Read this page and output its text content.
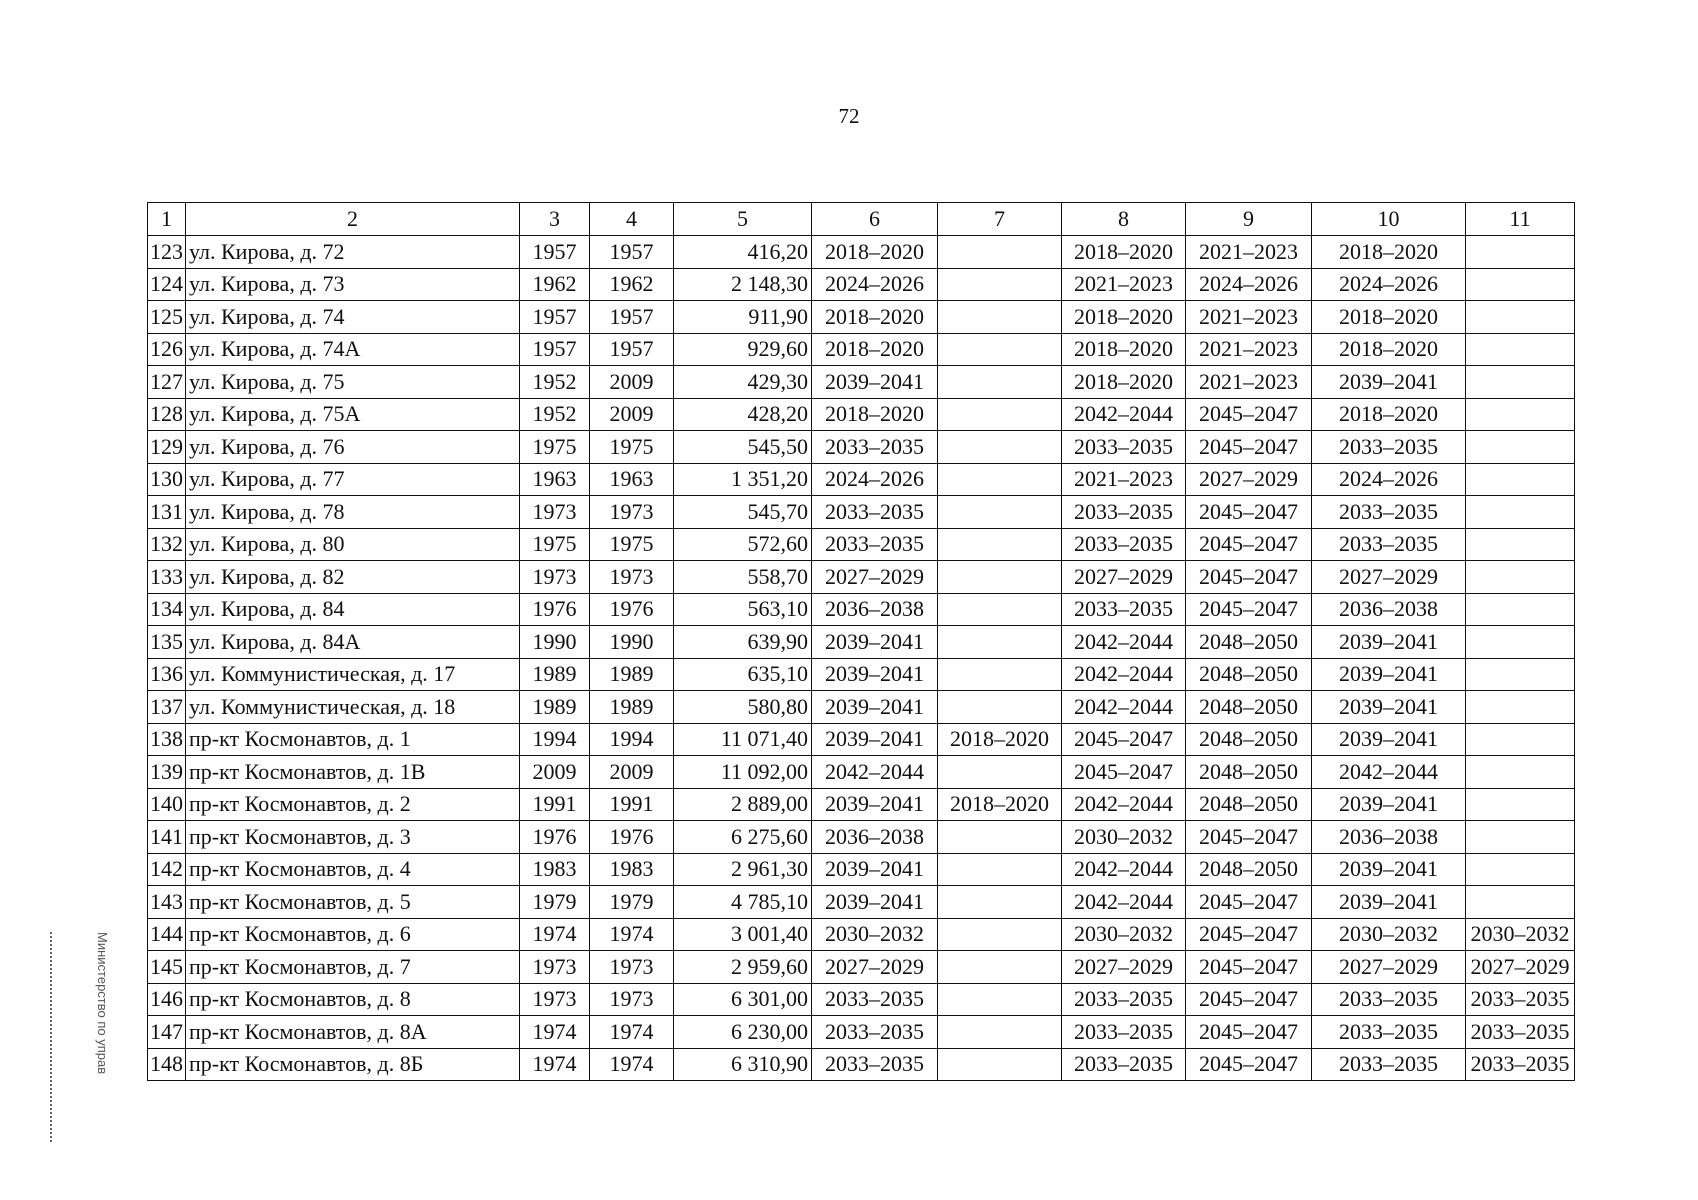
72
1	2	3	4	5	6	7	8	9	10	11
123	ул. Кирова, д. 72	1957	1957	416,20	2018–2020		2018–2020	2021–2023	2018–2020	
124	ул. Кирова, д. 73	1962	1962	2 148,30	2024–2026		2021–2023	2024–2026	2024–2026	
125	ул. Кирова, д. 74	1957	1957	911,90	2018–2020		2018–2020	2021–2023	2018–2020	
126	ул. Кирова, д. 74А	1957	1957	929,60	2018–2020		2018–2020	2021–2023	2018–2020	
127	ул. Кирова, д. 75	1952	2009	429,30	2039–2041		2018–2020	2021–2023	2039–2041	
128	ул. Кирова, д. 75А	1952	2009	428,20	2018–2020		2042–2044	2045–2047	2018–2020	
129	ул. Кирова, д. 76	1975	1975	545,50	2033–2035		2033–2035	2045–2047	2033–2035	
130	ул. Кирова, д. 77	1963	1963	1 351,20	2024–2026		2021–2023	2027–2029	2024–2026	
131	ул. Кирова, д. 78	1973	1973	545,70	2033–2035		2033–2035	2045–2047	2033–2035	
132	ул. Кирова, д. 80	1975	1975	572,60	2033–2035		2033–2035	2045–2047	2033–2035	
133	ул. Кирова, д. 82	1973	1973	558,70	2027–2029		2027–2029	2045–2047	2027–2029	
134	ул. Кирова, д. 84	1976	1976	563,10	2036–2038		2033–2035	2045–2047	2036–2038	
135	ул. Кирова, д. 84А	1990	1990	639,90	2039–2041		2042–2044	2048–2050	2039–2041	
136	ул. Коммунистическая, д. 17	1989	1989	635,10	2039–2041		2042–2044	2048–2050	2039–2041	
137	ул. Коммунистическая, д. 18	1989	1989	580,80	2039–2041		2042–2044	2048–2050	2039–2041	
138	пр-кт Космонавтов, д. 1	1994	1994	11 071,40	2039–2041	2018–2020	2045–2047	2048–2050	2039–2041	
139	пр-кт Космонавтов, д. 1В	2009	2009	11 092,00	2042–2044		2045–2047	2048–2050	2042–2044	
140	пр-кт Космонавтов, д. 2	1991	1991	2 889,00	2039–2041	2018–2020	2042–2044	2048–2050	2039–2041	
141	пр-кт Космонавтов, д. 3	1976	1976	6 275,60	2036–2038		2030–2032	2045–2047	2036–2038	
142	пр-кт Космонавтов, д. 4	1983	1983	2 961,30	2039–2041		2042–2044	2048–2050	2039–2041	
143	пр-кт Космонавтов, д. 5	1979	1979	4 785,10	2039–2041		2042–2044	2045–2047	2039–2041	
144	пр-кт Космонавтов, д. 6	1974	1974	3 001,40	2030–2032		2030–2032	2045–2047	2030–2032	2030–2032
145	пр-кт Космонавтов, д. 7	1973	1973	2 959,60	2027–2029		2027–2029	2045–2047	2027–2029	2027–2029
146	пр-кт Космонавтов, д. 8	1973	1973	6 301,00	2033–2035		2033–2035	2045–2047	2033–2035	2033–2035
147	пр-кт Космонавтов, д. 8А	1974	1974	6 230,00	2033–2035		2033–2035	2045–2047	2033–2035	2033–2035
148	пр-кт Космонавтов, д. 8Б	1974	1974	6 310,90	2033–2035		2033–2035	2045–2047	2033–2035	2033–2035
Министерство по управ
